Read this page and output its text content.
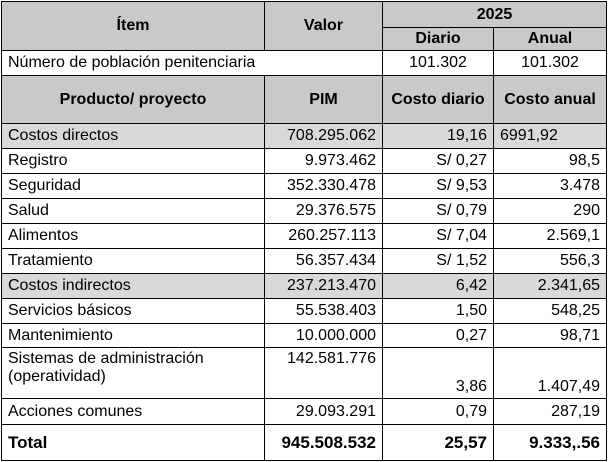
Ítem	Valor	2025	
		Diario	Anual
Número de población penitenciaria		101.302	101.302
Producto/ proyecto	PIM	Costo diario	Costo anual
Costos directos	708.295.062	19,16	6991,92
Registro	9.973.462	S/ 0,27	98,5
Seguridad	352.330.478	S/ 9,53	3.478
Salud	29.376.575	S/ 0,79	290
Alimentos	260.257.113	S/ 7,04	2.569,1
Tratamiento	56.357.434	S/ 1,52	556,3
Costos indirectos	237.213.470	6,42	2.341,65
Servicios básicos	55.538.403	1,50	548,25
Mantenimiento	10.000.000	0,27	98,71
Sistemas de administración (operatividad)	142.581.776	3,86	1.407,49
Acciones comunes	29.093.291	0,79	287,19
Total	945.508.532	25,57	9.333,.56
